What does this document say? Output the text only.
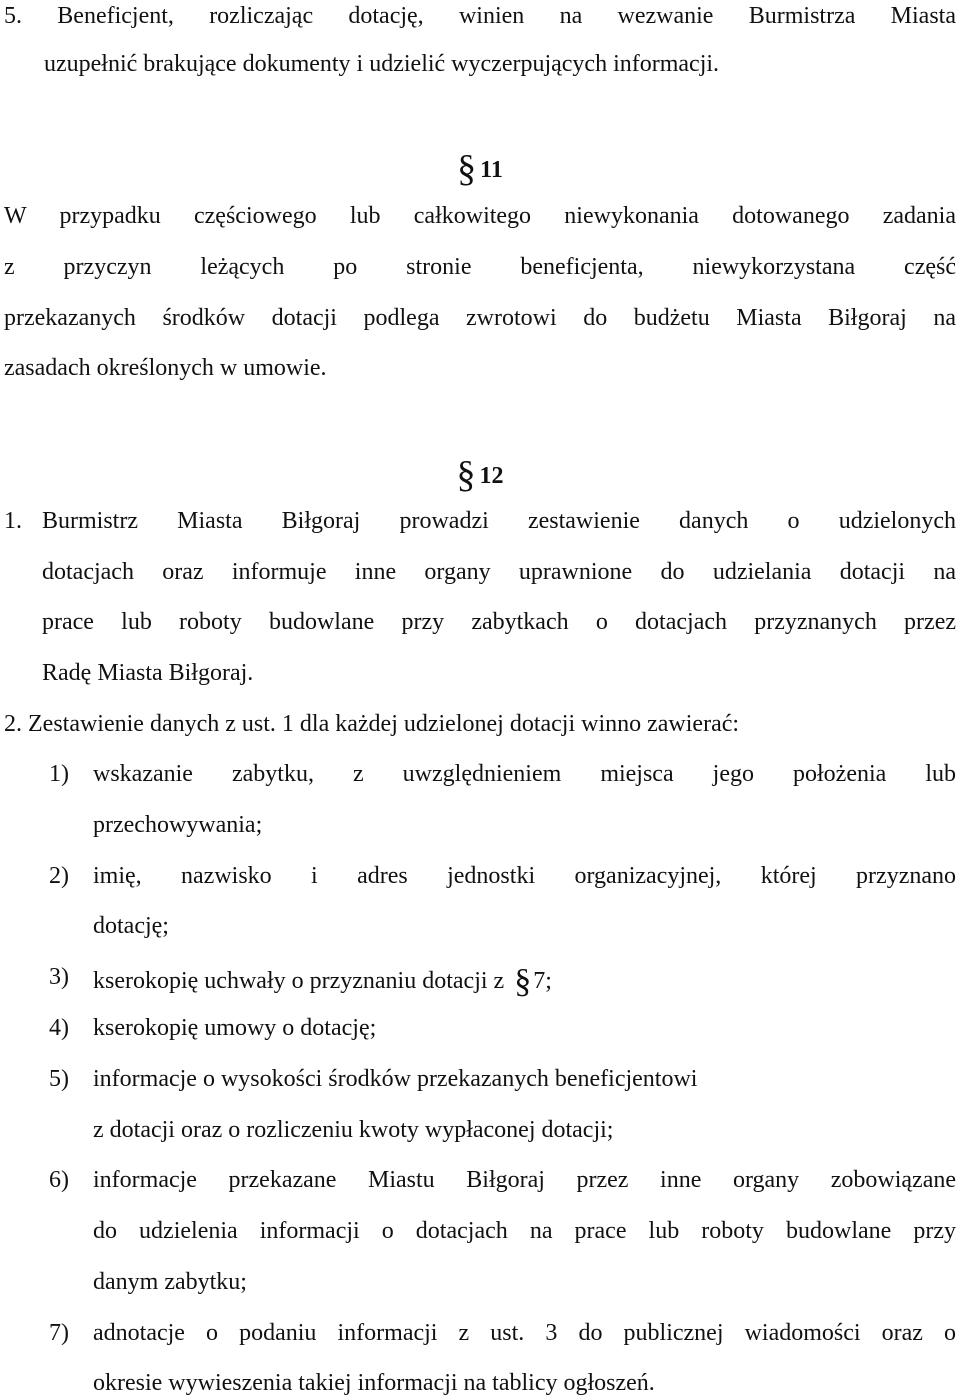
5. Beneficjent, rozliczając dotację, winien na wezwanie Burmistrza Miasta
uzupełnić brakujące dokumenty i udzielić wyczerpujących informacji.
§ 11
W przypadku częściowego lub całkowitego niewykonania dotowanego zadania
z przyczyn leżących po stronie beneficjenta, niewykorzystana część
przekazanych środków dotacji podlega zwrotowi do budżetu Miasta Biłgoraj na
zasadach określonych w umowie.
§ 12
1. Burmistrz Miasta Biłgoraj prowadzi zestawienie danych o udzielonych
dotacjach oraz informuje inne organy uprawnione do udzielania dotacji na
prace lub roboty budowlane przy zabytkach o dotacjach przyznanych przez
Radę Miasta Biłgoraj.
2. Zestawienie danych z ust. 1 dla każdej udzielonej dotacji winno zawierać:
1) wskazanie zabytku, z uwzględnieniem miejsca jego położenia lub
przechowywania;
2) imię, nazwisko i adres jednostki organizacyjnej, której przyznano
dotację;
3) kserokopię uchwały o przyznaniu dotacji z §7;
4) kserokopię umowy o dotację;
5) informacje o wysokości środków przekazanych beneficjentowi
z dotacji oraz o rozliczeniu kwoty wypłaconej dotacji;
6) informacje przekazane Miastu Biłgoraj przez inne organy zobowiązane
do udzielenia informacji o dotacjach na prace lub roboty budowlane przy
danym zabytku;
7) adnotacje o podaniu informacji z ust. 3 do publicznej wiadomości oraz o
okresie wywieszenia takiej informacji na tablicy ogłoszeń.
